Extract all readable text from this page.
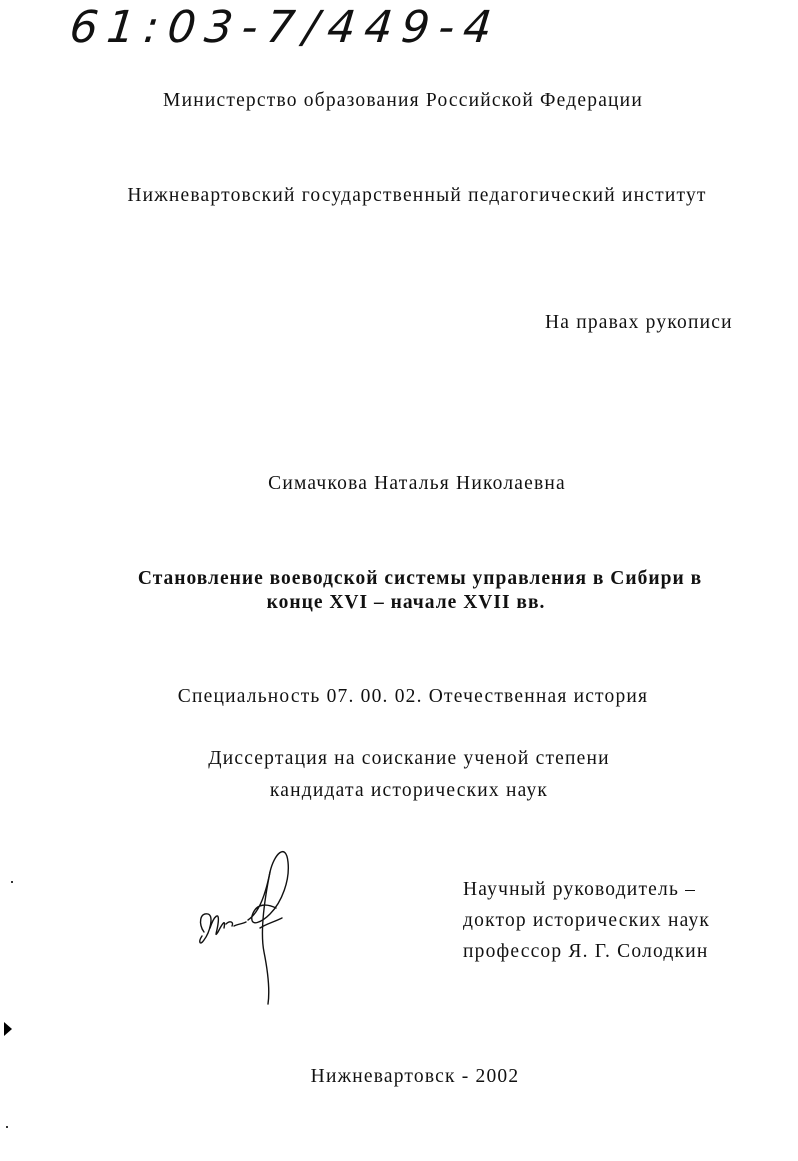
61:03-7/449-4
Министерство образования Российской Федерации
Нижневартовский государственный педагогический институт
На правах рукописи
Симачкова Наталья Николаевна
Становление воеводской системы управления в Сибири в
конце XVI – начале XVII вв.
Специальность 07. 00. 02. Отечественная история
Диссертация на соискание ученой степени
кандидата исторических наук
Научный руководитель –
доктор исторических наук
профессор Я. Г. Солодкин
Нижневартовск - 2002
